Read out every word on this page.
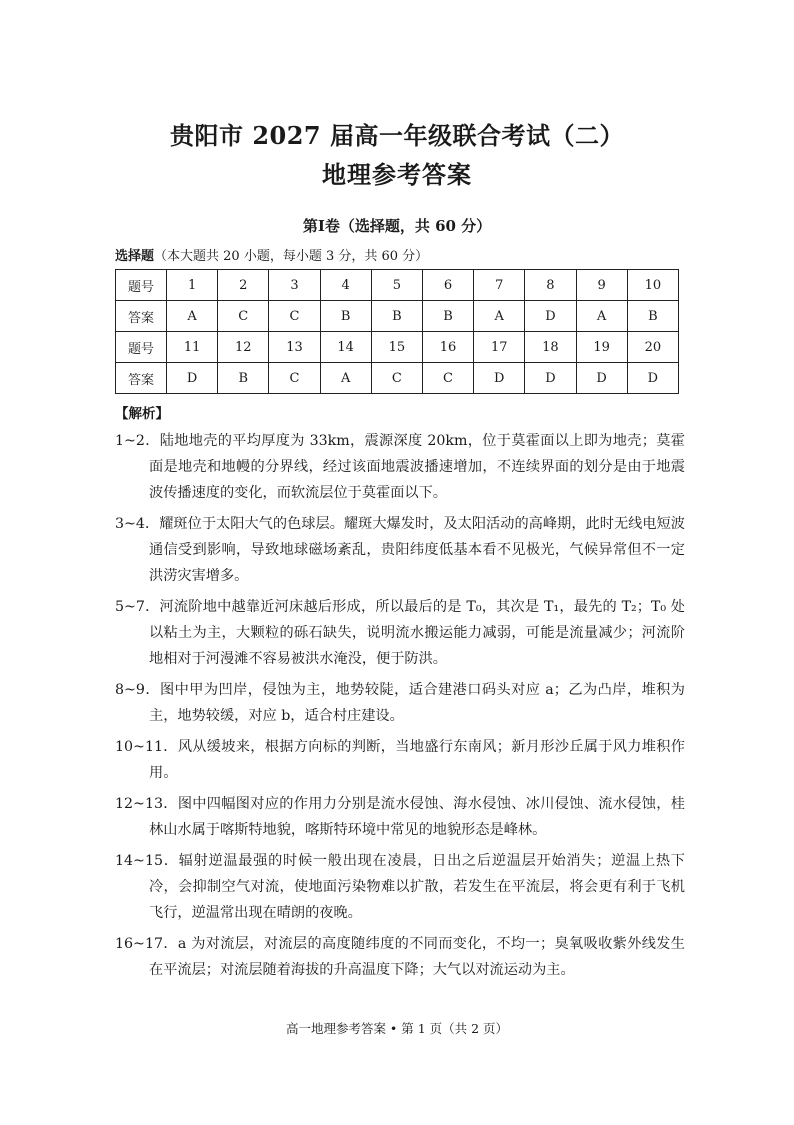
贵阳市 2027 届高一年级联合考试（二）
地理参考答案
第Ⅰ卷（选择题，共 60 分）
选择题（本大题共 20 小题，每小题 3 分，共 60 分）
题号	1	2	3	4	5	6	7	8	9	10
答案	A	C	C	B	B	B	A	D	A	B
题号	11	12	13	14	15	16	17	18	19	20
答案	D	B	C	A	C	C	D	D	D	D
【解析】
1~2．陆地地壳的平均厚度为 33km，震源深度 20km，位于莫霍面以上即为地壳；莫霍面是地壳和地幔的分界线，经过该面地震波播速增加，不连续界面的划分是由于地震波传播速度的变化，而软流层位于莫霍面以下。
3~4．耀斑位于太阳大气的色球层。耀斑大爆发时，及太阳活动的高峰期，此时无线电短波通信受到影响，导致地球磁场紊乱，贵阳纬度低基本看不见极光，气候异常但不一定洪涝灾害增多。
5~7．河流阶地中越靠近河床越后形成，所以最后的是 T₀，其次是 T₁，最先的 T₂；T₀ 处以粘土为主，大颗粒的砾石缺失，说明流水搬运能力减弱，可能是流量减少；河流阶地相对于河漫滩不容易被洪水淹没，便于防洪。
8~9．图中甲为凹岸，侵蚀为主，地势较陡，适合建港口码头对应 a；乙为凸岸，堆积为主，地势较缓，对应 b，适合村庄建设。
10~11．风从缓坡来，根据方向标的判断，当地盛行东南风；新月形沙丘属于风力堆积作用。
12~13．图中四幅图对应的作用力分别是流水侵蚀、海水侵蚀、冰川侵蚀、流水侵蚀，桂林山水属于喀斯特地貌，喀斯特环境中常见的地貌形态是峰林。
14~15．辐射逆温最强的时候一般出现在凌晨，日出之后逆温层开始消失；逆温上热下冷，会抑制空气对流，使地面污染物难以扩散，若发生在平流层，将会更有利于飞机飞行，逆温常出现在晴朗的夜晚。
16~17．a 为对流层，对流层的高度随纬度的不同而变化，不均一；臭氧吸收紫外线发生在平流层；对流层随着海拔的升高温度下降；大气以对流运动为主。
高一地理参考答案 • 第 1 页（共 2 页）
